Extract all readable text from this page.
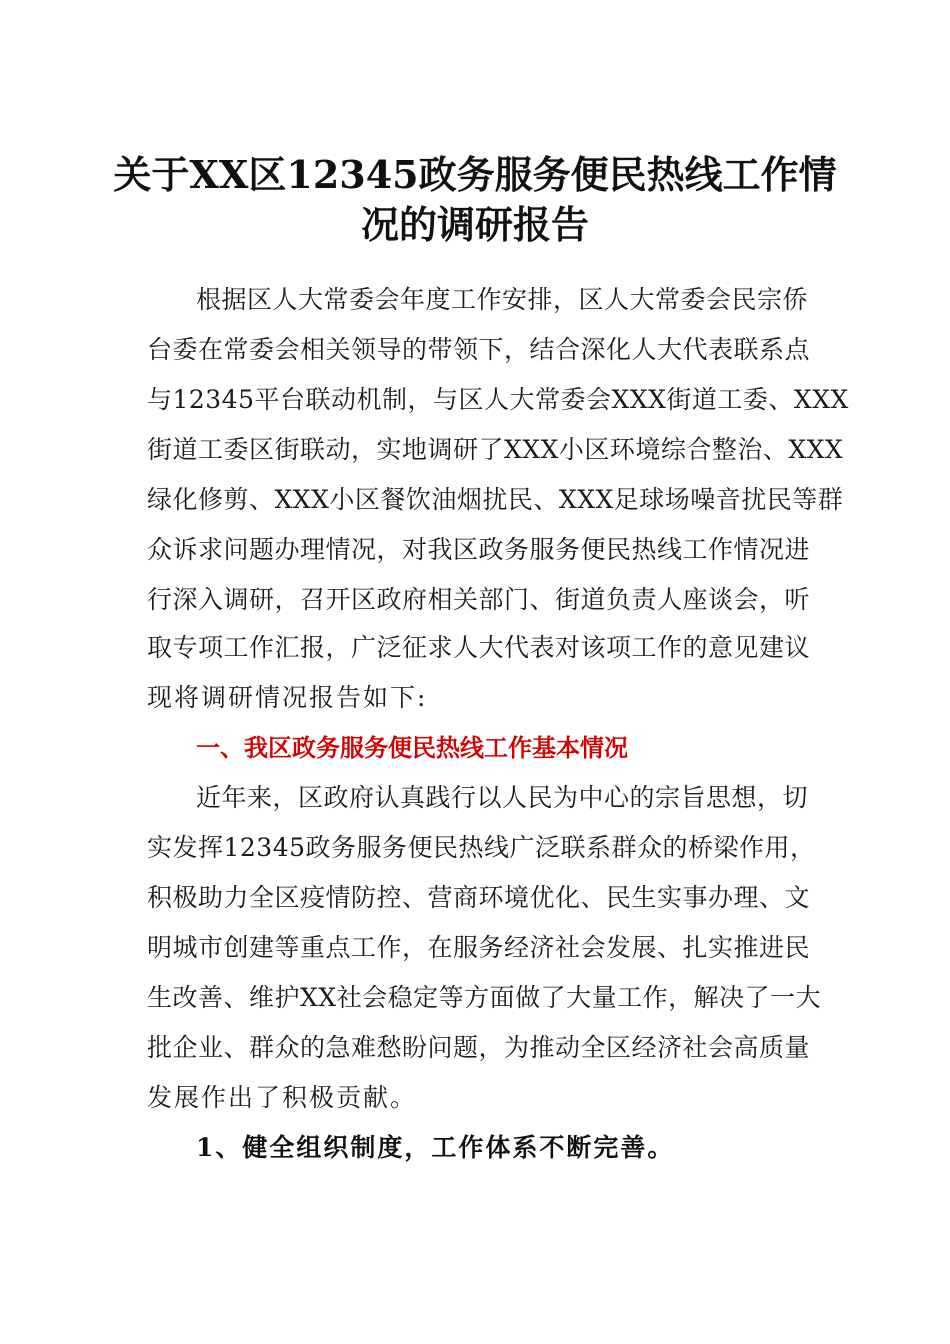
关于XX区12345政务服务便民热线工作情
况的调研报告
根据区人大常委会年度工作安排，区人大常委会民宗侨
台委在常委会相关领导的带领下，结合深化人大代表联系点
与12345平台联动机制，与区人大常委会XXX街道工委、XXX
街道工委区街联动，实地调研了XXX小区环境综合整治、XXX
绿化修剪、XXX小区餐饮油烟扰民、XXX足球场噪音扰民等群
众诉求问题办理情况，对我区政务服务便民热线工作情况进
行深入调研，召开区政府相关部门、街道负责人座谈会，听
取专项工作汇报，广泛征求人大代表对该项工作的意见建议
现将调研情况报告如下:
一、我区政务服务便民热线工作基本情况
近年来，区政府认真践行以人民为中心的宗旨思想，切
实发挥12345政务服务便民热线广泛联系群众的桥梁作用，
积极助力全区疫情防控、营商环境优化、民生实事办理、文
明城市创建等重点工作，在服务经济社会发展、扎实推进民
生改善、维护XX社会稳定等方面做了大量工作，解决了一大
批企业、群众的急难愁盼问题，为推动全区经济社会高质量
发展作出了积极贡献。
1、健全组织制度，工作体系不断完善。
